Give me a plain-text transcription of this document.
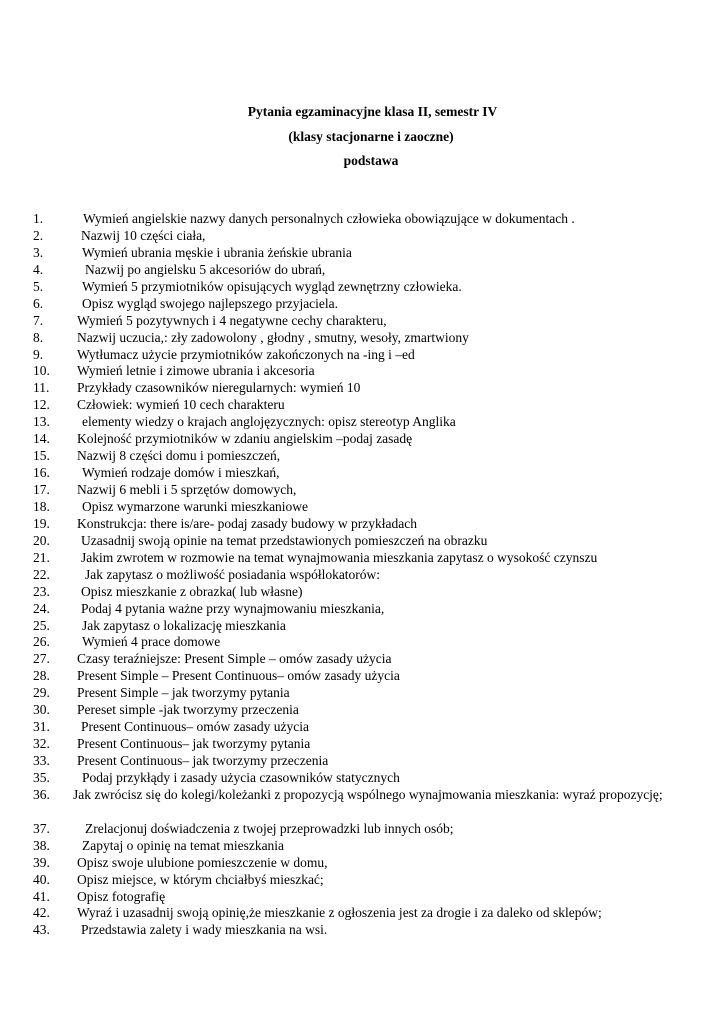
Pytania egzaminacyjne klasa II, semestr IV
(klasy stacjonarne i zaoczne)
podstawa
1.	Wymień angielskie nazwy danych personalnych człowieka obowiązujące w dokumentach .
2.	Nazwij 10 części ciała,
3.	Wymień ubrania męskie i ubrania żeńskie ubrania
4.	Nazwij po angielsku 5 akcesoriów do ubrań,
5.	Wymień 5 przymiotników opisujących wygląd zewnętrzny człowieka.
6.	Opisz wygląd swojego najlepszego przyjaciela.
7.	Wymień 5 pozytywnych i 4 negatywne cechy charakteru,
8.	Nazwij uczucia,: zły zadowolony , głodny , smutny, wesoły, zmartwiony
9.	Wytłumacz użycie przymiotników zakończonych na -ing i –ed
10. Wymień letnie i zimowe ubrania i akcesoria
11. Przykłady czasowników nieregularnych: wymień 10
12. Człowiek: wymień 10 cech charakteru
13. elementy wiedzy o krajach anglojęzycznych: opisz stereotyp Anglika
14. Kolejność przymiotników w zdaniu angielskim –podaj zasadę
15. Nazwij 8 części domu i pomieszczeń,
16. Wymień rodzaje domów i mieszkań,
17. Nazwij 6 mebli i 5 sprzętów domowych,
18. Opisz wymarzone warunki mieszkaniowe
19. Konstrukcja: there is/are- podaj zasady budowy w przykładach
20. Uzasadnij swoją opinie na temat przedstawionych pomieszczeń na obrazku
21. Jakim zwrotem w rozmowie na temat wynajmowania mieszkania zapytasz o wysokość czynszu
22.	Jak zapytasz o możliwość posiadania współlokatorów:
23. Opisz mieszkanie z obrazka( lub własne)
24. Podaj 4 pytania ważne przy wynajmowaniu mieszkania,
25. Jak zapytasz o lokalizację mieszkania
26. Wymień 4 prace domowe
27. Czasy teraźniejsze: Present Simple – omów zasady użycia
28. Present Simple – Present Continuous– omów zasady użycia
29. Present Simple – jak tworzymy pytania
30. Pereset simple -jak tworzymy przeczenia
31. Present Continuous– omów zasady użycia
32. Present Continuous– jak tworzymy pytania
33. Present Continuous– jak tworzymy przeczenia
35. Podaj przykłądy i zasady użycia czasowników statycznych
36. Jak zwrócisz się do kolegi/koleżanki z propozycją wspólnego wynajmowania mieszkania: wyraź propozycję;
37.	Zrelacjonuj doświadczenia z twojej przeprowadzki lub innych osób;
38. Zapytaj o opinię na temat mieszkania
39. Opisz swoje ulubione pomieszczenie w domu,
40. Opisz miejsce, w którym chciałbyś mieszkać;
41. Opisz fotografię
42. Wyraź i uzasadnij swoją opinię,że mieszkanie z ogłoszenia jest za drogie i za daleko od sklepów;
43. Przedstawia zalety i wady mieszkania na wsi.
